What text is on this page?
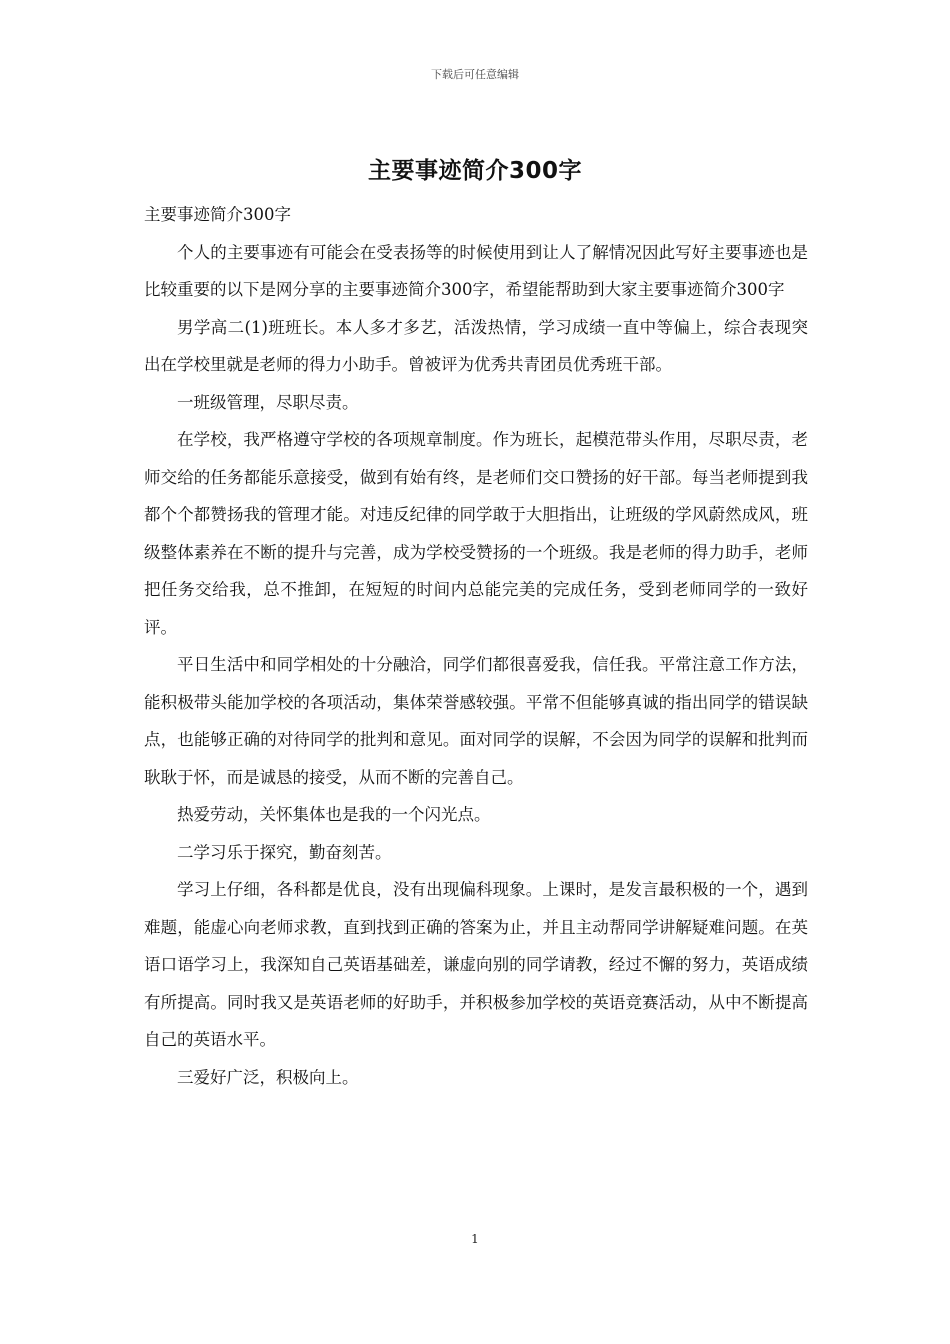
下载后可任意编辑
主要事迹简介300字

主要事迹简介300字

个人的主要事迹有可能会在受表扬等的时候使用到让人了解情况因此写好主要事迹也是比较重要的以下是网分享的主要事迹简介300字，希望能帮助到大家主要事迹简介300字

男学高二(1)班班长。本人多才多艺，活泼热情，学习成绩一直中等偏上，综合表现突出在学校里就是老师的得力小助手。曾被评为优秀共青团员优秀班干部。

一班级管理，尽职尽责。

在学校，我严格遵守学校的各项规章制度。作为班长，起模范带头作用，尽职尽责，老师交给的任务都能乐意接受，做到有始有终，是老师们交口赞扬的好干部。每当老师提到我都个个都赞扬我的管理才能。对违反纪律的同学敢于大胆指出，让班级的学风蔚然成风，班级整体素养在不断的提升与完善，成为学校受赞扬的一个班级。我是老师的得力助手，老师把任务交给我，总不推卸，在短短的时间内总能完美的完成任务，受到老师同学的一致好评。

平日生活中和同学相处的十分融洽，同学们都很喜爱我，信任我。平常注意工作方法，能积极带头能加学校的各项活动，集体荣誉感较强。平常不但能够真诚的指出同学的错误缺点，也能够正确的对待同学的批判和意见。面对同学的误解，不会因为同学的误解和批判而耿耿于怀，而是诚恳的接受，从而不断的完善自己。

热爱劳动，关怀集体也是我的一个闪光点。

二学习乐于探究，勤奋刻苦。

学习上仔细，各科都是优良，没有出现偏科现象。上课时，是发言最积极的一个，遇到难题，能虚心向老师求教，直到找到正确的答案为止，并且主动帮同学讲解疑难问题。在英语口语学习上，我深知自己英语基础差，谦虚向别的同学请教，经过不懈的努力，英语成绩有所提高。同时我又是英语老师的好助手，并积极参加学校的英语竞赛活动，从中不断提高自己的英语水平。

三爱好广泛，积极向上。

1
